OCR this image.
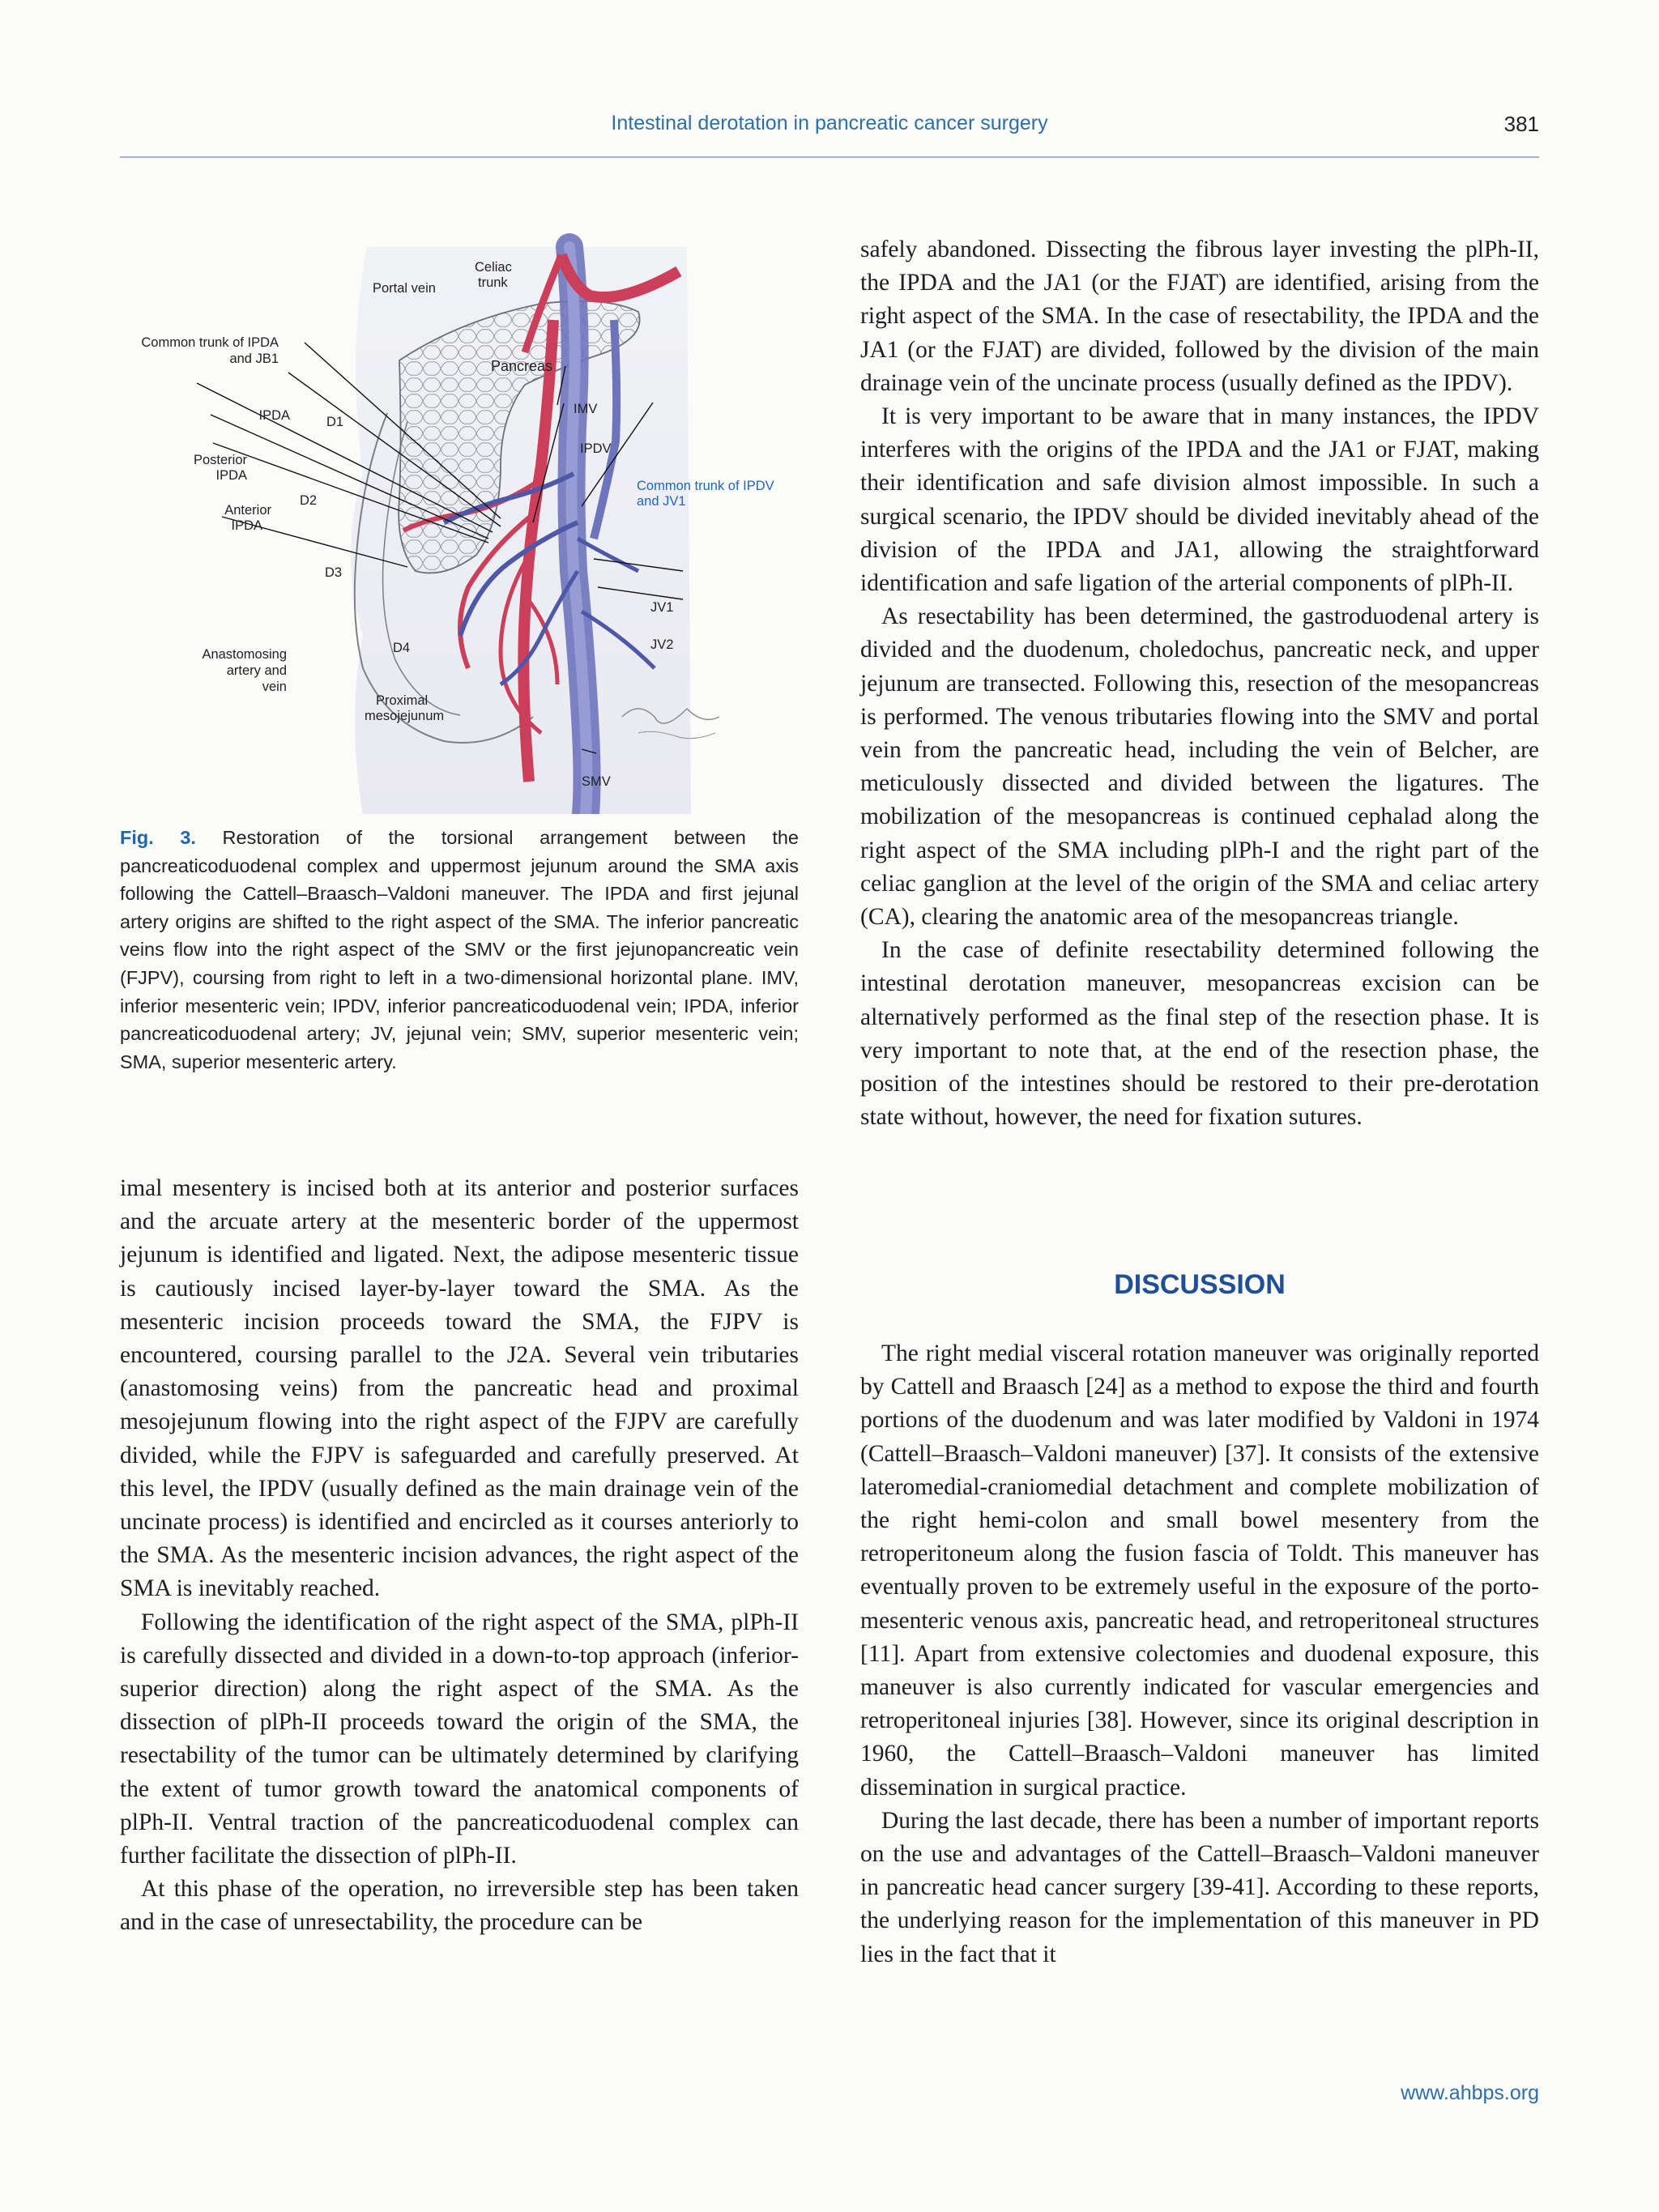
Intestinal derotation in pancreatic cancer surgery	381
Common trunk of IPDA
and JB1
IPDA
Posterior
IPDA
Anterior
IPDA
Anastomosing
artery and
vein
Portal vein
Celiac
trunk
Pancreas
IMV
IPDV
Common trunk of IPDV
and JV1
D1
D2
D3
D4
JV1
JV2
Proximal
mesojejunum
SMV
Fig. 3. Restoration of the torsional arrangement between the pancreaticoduodenal complex and uppermost jejunum around the SMA axis following the Cattell–Braasch–Valdoni maneuver. The IPDA and first jejunal artery origins are shifted to the right aspect of the SMA. The inferior pancreatic veins flow into the right aspect of the SMV or the first jejunopancreatic vein (FJPV), coursing from right to left in a two-dimensional horizontal plane. IMV, inferior mesenteric vein; IPDV, inferior pancreaticoduodenal vein; IPDA, inferior pancreaticoduodenal artery; JV, jejunal vein; SMV, superior mesenteric vein; SMA, superior mesenteric artery.

imal mesentery is incised both at its anterior and posterior surfaces and the arcuate artery at the mesenteric border of the uppermost jejunum is identified and ligated. Next, the adipose mesenteric tissue is cautiously incised layer-by-layer toward the SMA. As the mesenteric incision proceeds toward the SMA, the FJPV is encountered, coursing parallel to the J2A. Several vein tributaries (anastomosing veins) from the pancreatic head and proximal mesojejunum flowing into the right aspect of the FJPV are carefully divided, while the FJPV is safeguarded and carefully preserved. At this level, the IPDV (usually defined as the main drainage vein of the uncinate process) is identified and encircled as it courses anteriorly to the SMA. As the mesenteric incision advances, the right aspect of the SMA is inevitably reached.

Following the identification of the right aspect of the SMA, plPh-II is carefully dissected and divided in a down-to-top approach (inferior-superior direction) along the right aspect of the SMA. As the dissection of plPh-II proceeds toward the origin of the SMA, the resectability of the tumor can be ultimately determined by clarifying the extent of tumor growth toward the anatomical components of plPh-II. Ventral traction of the pancreaticoduodenal complex can further facilitate the dissection of plPh-II.

At this phase of the operation, no irreversible step has been taken and in the case of unresectability, the procedure can be

safely abandoned. Dissecting the fibrous layer investing the plPh-II, the IPDA and the JA1 (or the FJAT) are identified, arising from the right aspect of the SMA. In the case of resectability, the IPDA and the JA1 (or the FJAT) are divided, followed by the division of the main drainage vein of the uncinate process (usually defined as the IPDV).

It is very important to be aware that in many instances, the IPDV interferes with the origins of the IPDA and the JA1 or FJAT, making their identification and safe division almost impossible. In such a surgical scenario, the IPDV should be divided inevitably ahead of the division of the IPDA and JA1, allowing the straightforward identification and safe ligation of the arterial components of plPh-II.

As resectability has been determined, the gastroduodenal artery is divided and the duodenum, choledochus, pancreatic neck, and upper jejunum are transected. Following this, resection of the mesopancreas is performed. The venous tributaries flowing into the SMV and portal vein from the pancreatic head, including the vein of Belcher, are meticulously dissected and divided between the ligatures. The mobilization of the mesopancreas is continued cephalad along the right aspect of the SMA including plPh-I and the right part of the celiac ganglion at the level of the origin of the SMA and celiac artery (CA), clearing the anatomic area of the mesopancreas triangle.

In the case of definite resectability determined following the intestinal derotation maneuver, mesopancreas excision can be alternatively performed as the final step of the resection phase. It is very important to note that, at the end of the resection phase, the position of the intestines should be restored to their pre-derotation state without, however, the need for fixation sutures.

DISCUSSION

The right medial visceral rotation maneuver was originally reported by Cattell and Braasch [24] as a method to expose the third and fourth portions of the duodenum and was later modified by Valdoni in 1974 (Cattell–Braasch–Valdoni maneuver) [37]. It consists of the extensive lateromedial-craniomedial detachment and complete mobilization of the right hemi-colon and small bowel mesentery from the retroperitoneum along the fusion fascia of Toldt. This maneuver has eventually proven to be extremely useful in the exposure of the porto-mesenteric venous axis, pancreatic head, and retroperitoneal structures [11]. Apart from extensive colectomies and duodenal exposure, this maneuver is also currently indicated for vascular emergencies and retroperitoneal injuries [38]. However, since its original description in 1960, the Cattell–Braasch–Valdoni maneuver has limited dissemination in surgical practice.

During the last decade, there has been a number of important reports on the use and advantages of the Cattell–Braasch–Valdoni maneuver in pancreatic head cancer surgery [39-41]. According to these reports, the underlying reason for the implementation of this maneuver in PD lies in the fact that it

www.ahbps.org
